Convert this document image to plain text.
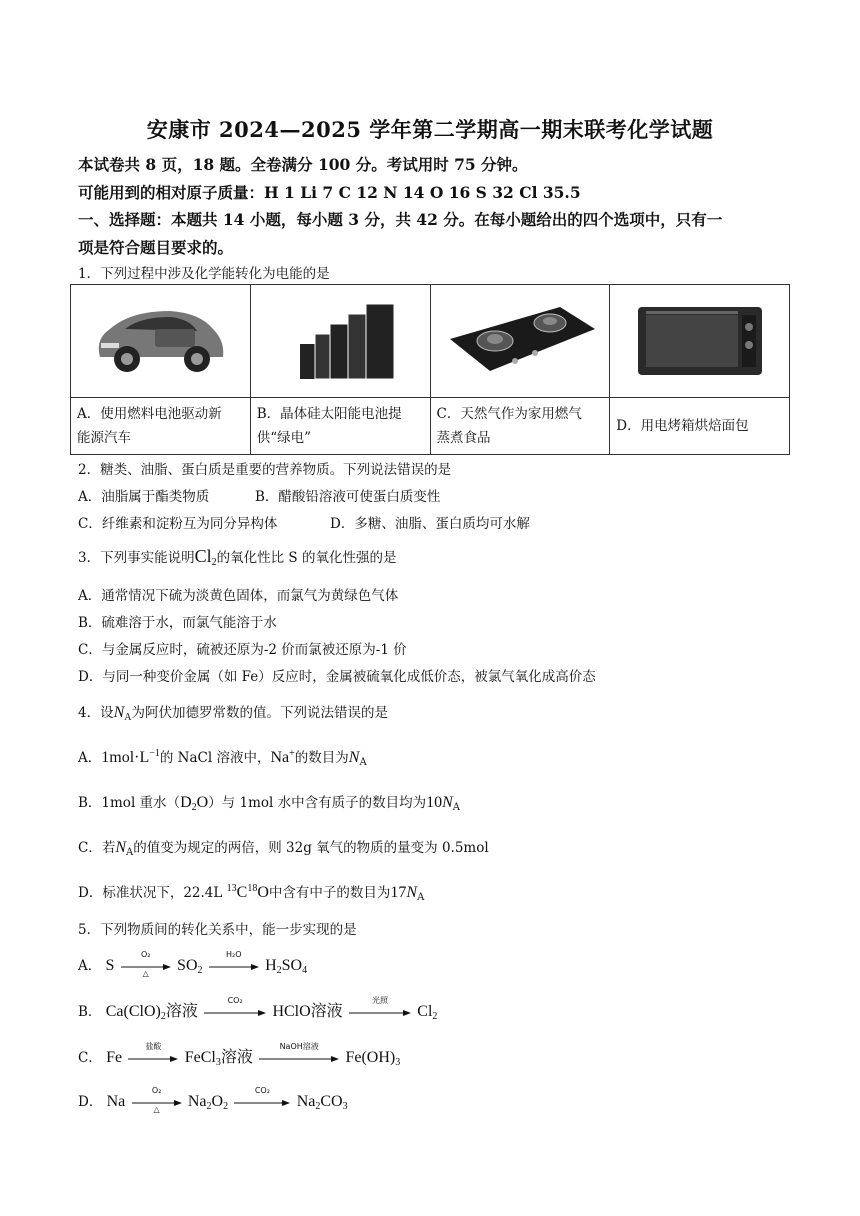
安康市 2024—2025 学年第二学期高一期末联考化学试题
本试卷共 8 页，18 题。全卷满分 100 分。考试用时 75 分钟。
可能用到的相对原子质量：H 1 Li 7 C 12 N 14 O 16 S 32 Cl 35.5
一、选择题：本题共 14 小题，每小题 3 分，共 42 分。在每小题给出的四个选项中，只有一
项是符合题目要求的。
1．下列过程中涉及化学能转化为电能的是

A．使用燃料电池驱动新
能源汽车	B．晶体硅太阳能电池提
供“绿电”	C．天然气作为家用燃气
蒸煮食品	D．用电烤箱烘焙面包
2．糖类、油脂、蛋白质是重要的营养物质。下列说法错误的是
A．油脂属于酯类物质	B．醋酸铅溶液可使蛋白质变性
C．纤维素和淀粉互为同分异构体	D．多糖、油脂、蛋白质均可水解
3．下列事实能说明$Cl_2$的氧化性比 S 的氧化性强的是
A．通常情况下硫为淡黄色固体，而氯气为黄绿色气体
B．硫难溶于水，而氯气能溶于水
C．与金属反应时，硫被还原为-2 价而氯被还原为-1 价
D．与同一种变价金属（如 Fe）反应时，金属被硫氧化成低价态，被氯气氧化成高价态
4．设$N_A$为阿伏加德罗常数的值。下列说法错误的是
A．$1mol\cdot L^{-1}$的 NaCl 溶液中，Na+的数目为$N_A$
B．1mol 重水$(D_2O)$与 1mol 水中含有质子的数目均为$10N_A$
C．若$N_A$的值变为规定的两倍，则 32g 氧气的物质的量变为 0.5mol
D．标准状况下，22.4L $^{13}C^{18}O$中含有中子的数目为$17N_A$
5．下列物质间的转化关系中，能一步实现的是
A． S
O₂
△	$SO_2$
H₂O
$H_2SO_4$
B． $Ca(ClO)_2$溶液
CO₂
HClO溶液
光照
$Cl_2$
C． Fe
盐酸
FeCl$_3$溶液
NaOH溶液
$Fe(OH)_3$
D． Na
O₂
△	$Na_2O_2$
CO₂
$Na_2CO_3$
